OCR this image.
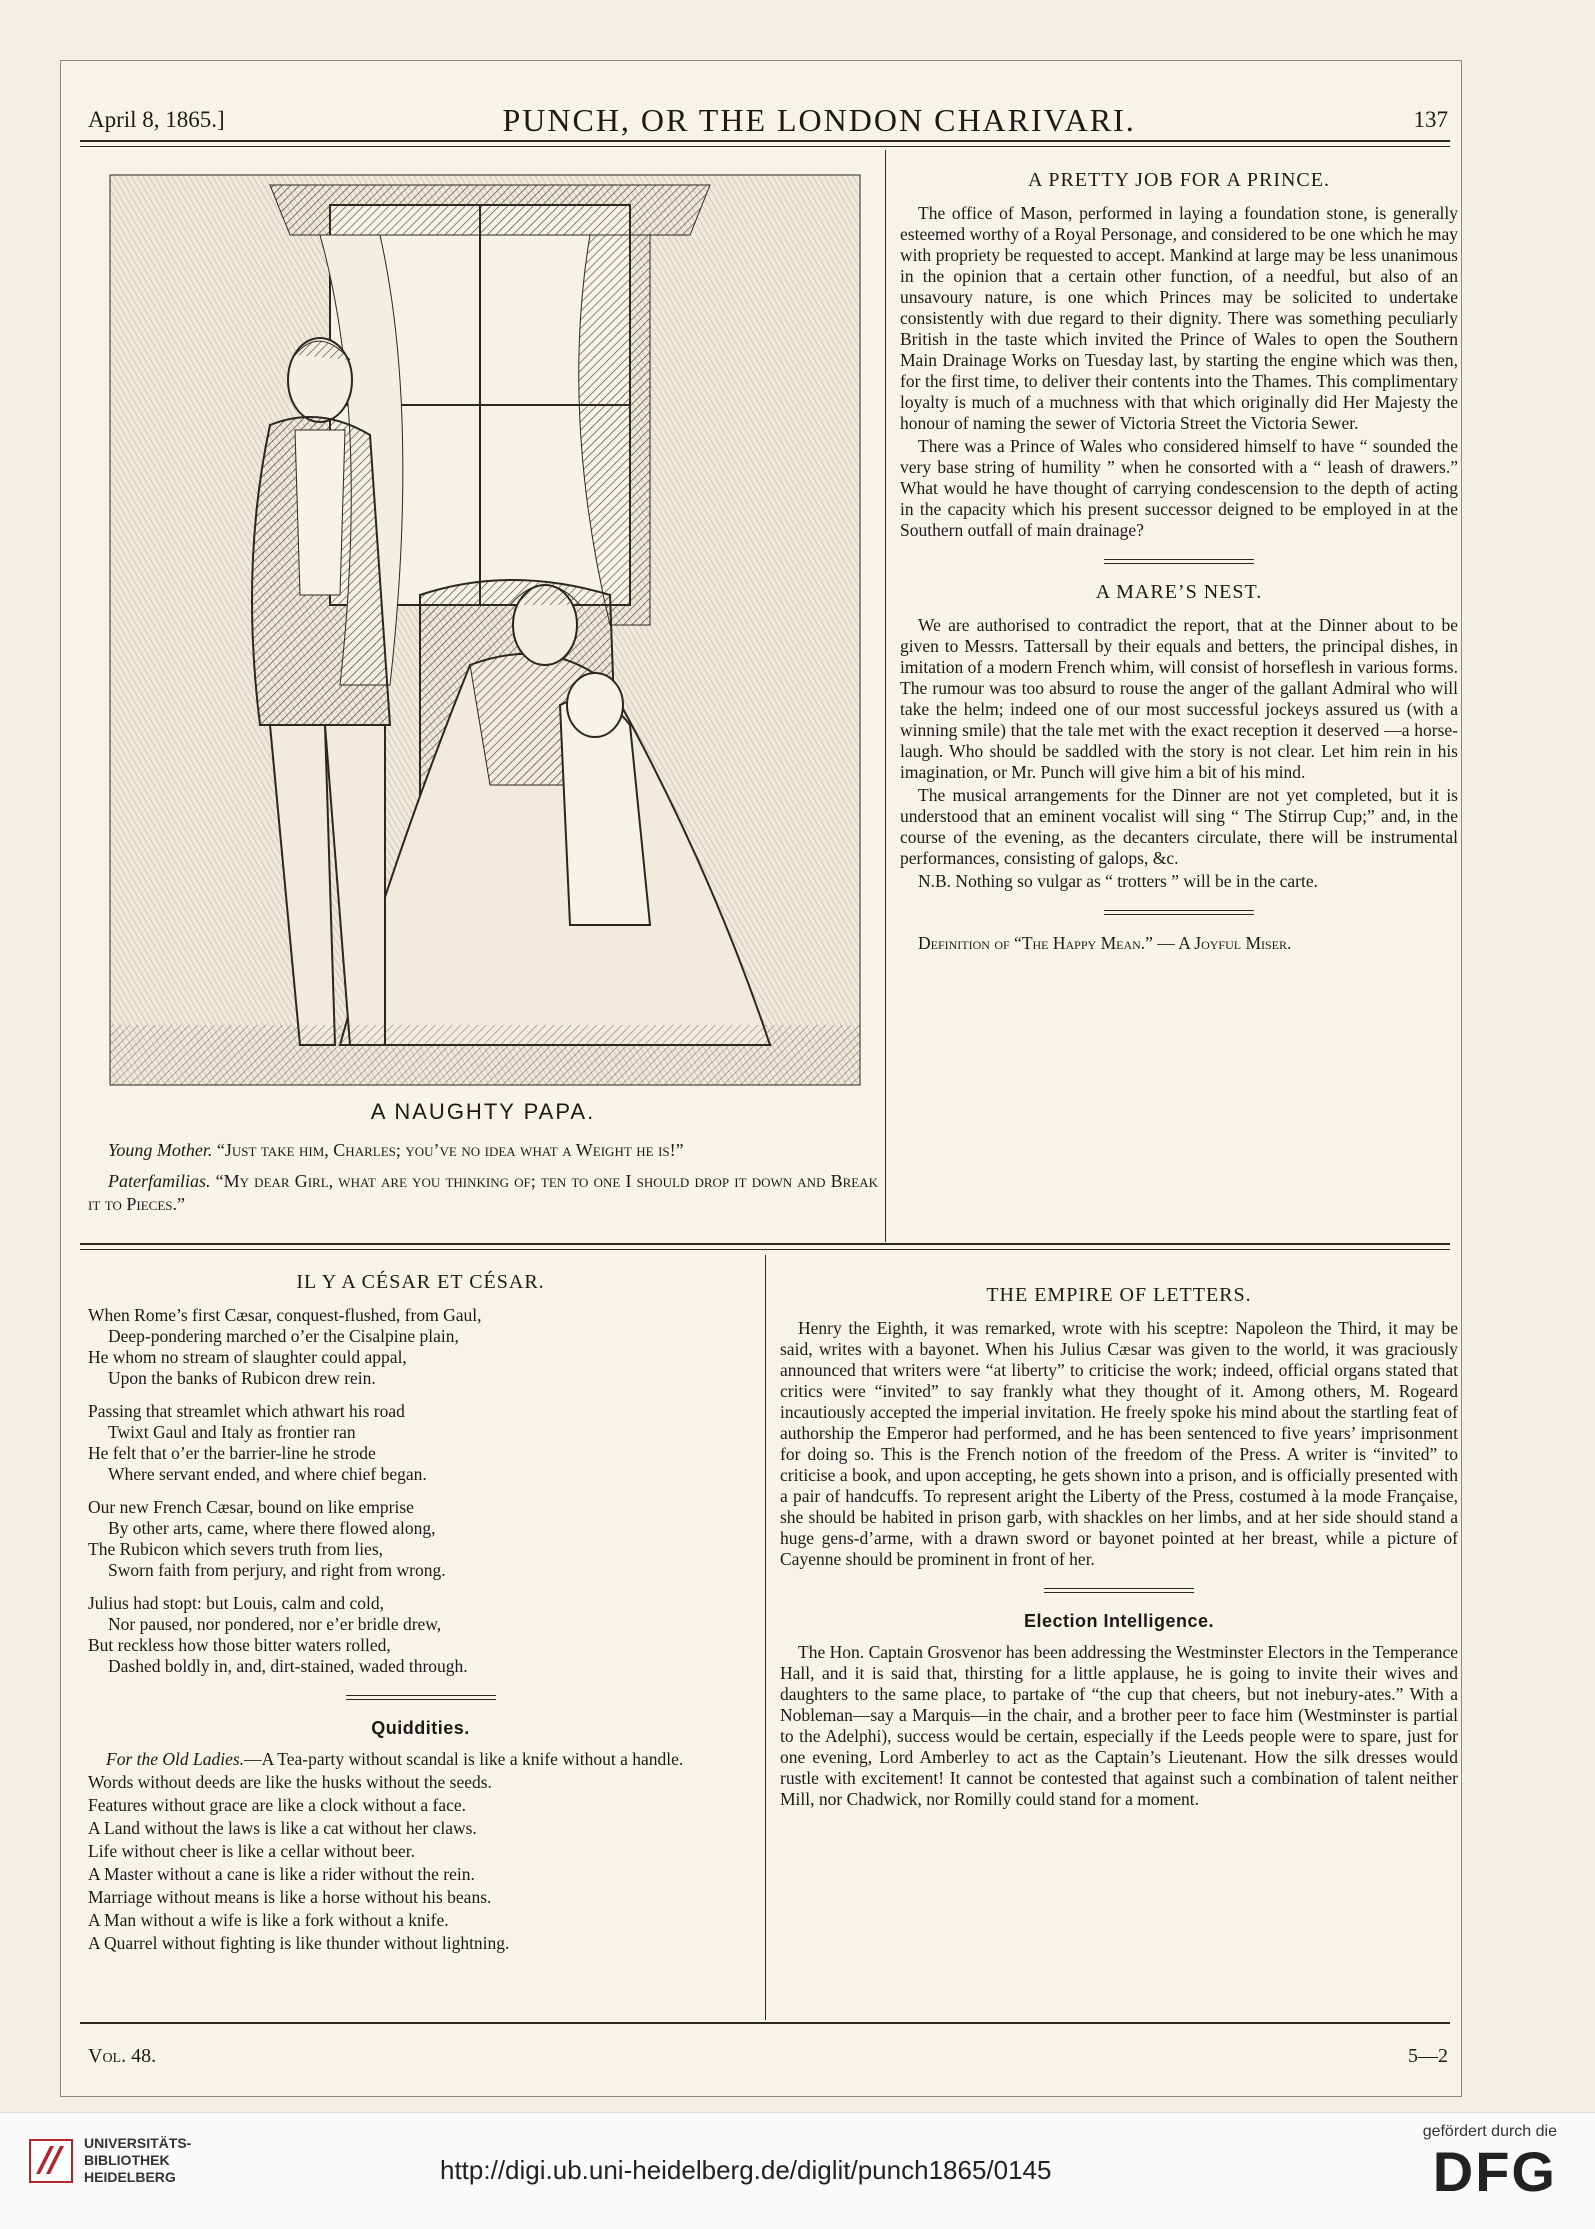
April 8, 1865.]	PUNCH, OR THE LONDON CHARIVARI.	137
A NAUGHTY PAPA.

Young Mother. “Just take him, Charles; you’ve no idea what a Weight he is!”

Paterfamilias. “My dear Girl, what are you thinking of; ten to one I should drop it down and Break it to Pieces.”

A PRETTY JOB FOR A PRINCE.

The office of Mason, performed in laying a foundation stone, is generally esteemed worthy of a Royal Personage, and considered to be one which he may with propriety be requested to accept. Mankind at large may be less unanimous in the opinion that a certain other function, of a needful, but also of an unsavoury nature, is one which Princes may be solicited to undertake consistently with due regard to their dignity. There was something peculiarly British in the taste which invited the Prince of Wales to open the Southern Main Drainage Works on Tuesday last, by starting the engine which was then, for the first time, to deliver their contents into the Thames. This complimentary loyalty is much of a muchness with that which originally did Her Majesty the honour of naming the sewer of Victoria Street the Victoria Sewer.

There was a Prince of Wales who considered himself to have “ sounded the very base string of humility ” when he consorted with a “ leash of drawers.” What would he have thought of carrying condescension to the depth of acting in the capacity which his present successor deigned to be employed in at the Southern outfall of main drainage?

A MARE’S NEST.

We are authorised to contradict the report, that at the Dinner about to be given to Messrs. Tattersall by their equals and betters, the principal dishes, in imitation of a modern French whim, will consist of horseflesh in various forms. The rumour was too absurd to rouse the anger of the gallant Admiral who will take the helm; indeed one of our most successful jockeys assured us (with a winning smile) that the tale met with the exact reception it deserved —a horse-laugh. Who should be saddled with the story is not clear. Let him rein in his imagination, or Mr. Punch will give him a bit of his mind.

The musical arrangements for the Dinner are not yet completed, but it is understood that an eminent vocalist will sing “ The Stirrup Cup;” and, in the course of the evening, as the decanters circulate, there will be instrumental performances, consisting of galops, &c.

N.B. Nothing so vulgar as “ trotters ” will be in the carte.

Definition of “The Happy Mean.” — A Joyful Miser.

IL Y A CÉSAR ET CÉSAR.
When Rome’s first Cæsar, conquest-flushed, from Gaul,
Deep-pondering marched o’er the Cisalpine plain,
He whom no stream of slaughter could appal,
Upon the banks of Rubicon drew rein.
Passing that streamlet which athwart his road
Twixt Gaul and Italy as frontier ran
He felt that o’er the barrier-line he strode
Where servant ended, and where chief began.
Our new French Cæsar, bound on like emprise
By other arts, came, where there flowed along,
The Rubicon which severs truth from lies,
Sworn faith from perjury, and right from wrong.
Julius had stopt: but Louis, calm and cold,
Nor paused, nor pondered, nor e’er bridle drew,
But reckless how those bitter waters rolled,
Dashed boldly in, and, dirt-stained, waded through.
Quiddities.

For the Old Ladies.—A Tea-party without scandal is like a knife without a handle.

Words without deeds are like the husks without the seeds.

Features without grace are like a clock without a face.

A Land without the laws is like a cat without her claws.

Life without cheer is like a cellar without beer.

A Master without a cane is like a rider without the rein.

Marriage without means is like a horse without his beans.

A Man without a wife is like a fork without a knife.

A Quarrel without fighting is like thunder without lightning.

THE EMPIRE OF LETTERS.

Henry the Eighth, it was remarked, wrote with his sceptre: Napoleon the Third, it may be said, writes with a bayonet. When his Julius Cæsar was given to the world, it was graciously announced that writers were “at liberty” to criticise the work; indeed, official organs stated that critics were “invited” to say frankly what they thought of it. Among others, M. Rogeard incautiously accepted the imperial invitation. He freely spoke his mind about the startling feat of authorship the Emperor had performed, and he has been sentenced to five years’ imprisonment for doing so. This is the French notion of the freedom of the Press. A writer is “invited” to criticise a book, and upon accepting, he gets shown into a prison, and is officially presented with a pair of handcuffs. To represent aright the Liberty of the Press, costumed à la mode Française, she should be habited in prison garb, with shackles on her limbs, and at her side should stand a huge gens-d’arme, with a drawn sword or bayonet pointed at her breast, while a picture of Cayenne should be prominent in front of her.

Election Intelligence.

The Hon. Captain Grosvenor has been addressing the Westminster Electors in the Temperance Hall, and it is said that, thirsting for a little applause, he is going to invite their wives and daughters to the same place, to partake of “the cup that cheers, but not inebury-ates.” With a Nobleman—say a Marquis—in the chair, and a brother peer to face him (Westminster is partial to the Adelphi), success would be certain, especially if the Leeds people were to spare, just for one evening, Lord Amberley to act as the Captain’s Lieutenant. How the silk dresses would rustle with excitement! It cannot be contested that against such a combination of talent neither Mill, nor Chadwick, nor Romilly could stand for a moment.

Vol. 48.	5—2
UNIVERSITÄTS-
BIBLIOTHEK
HEIDELBERG	http://digi.ub.uni-heidelberg.de/diglit/punch1865/0145
gefördert durch die
DFG
